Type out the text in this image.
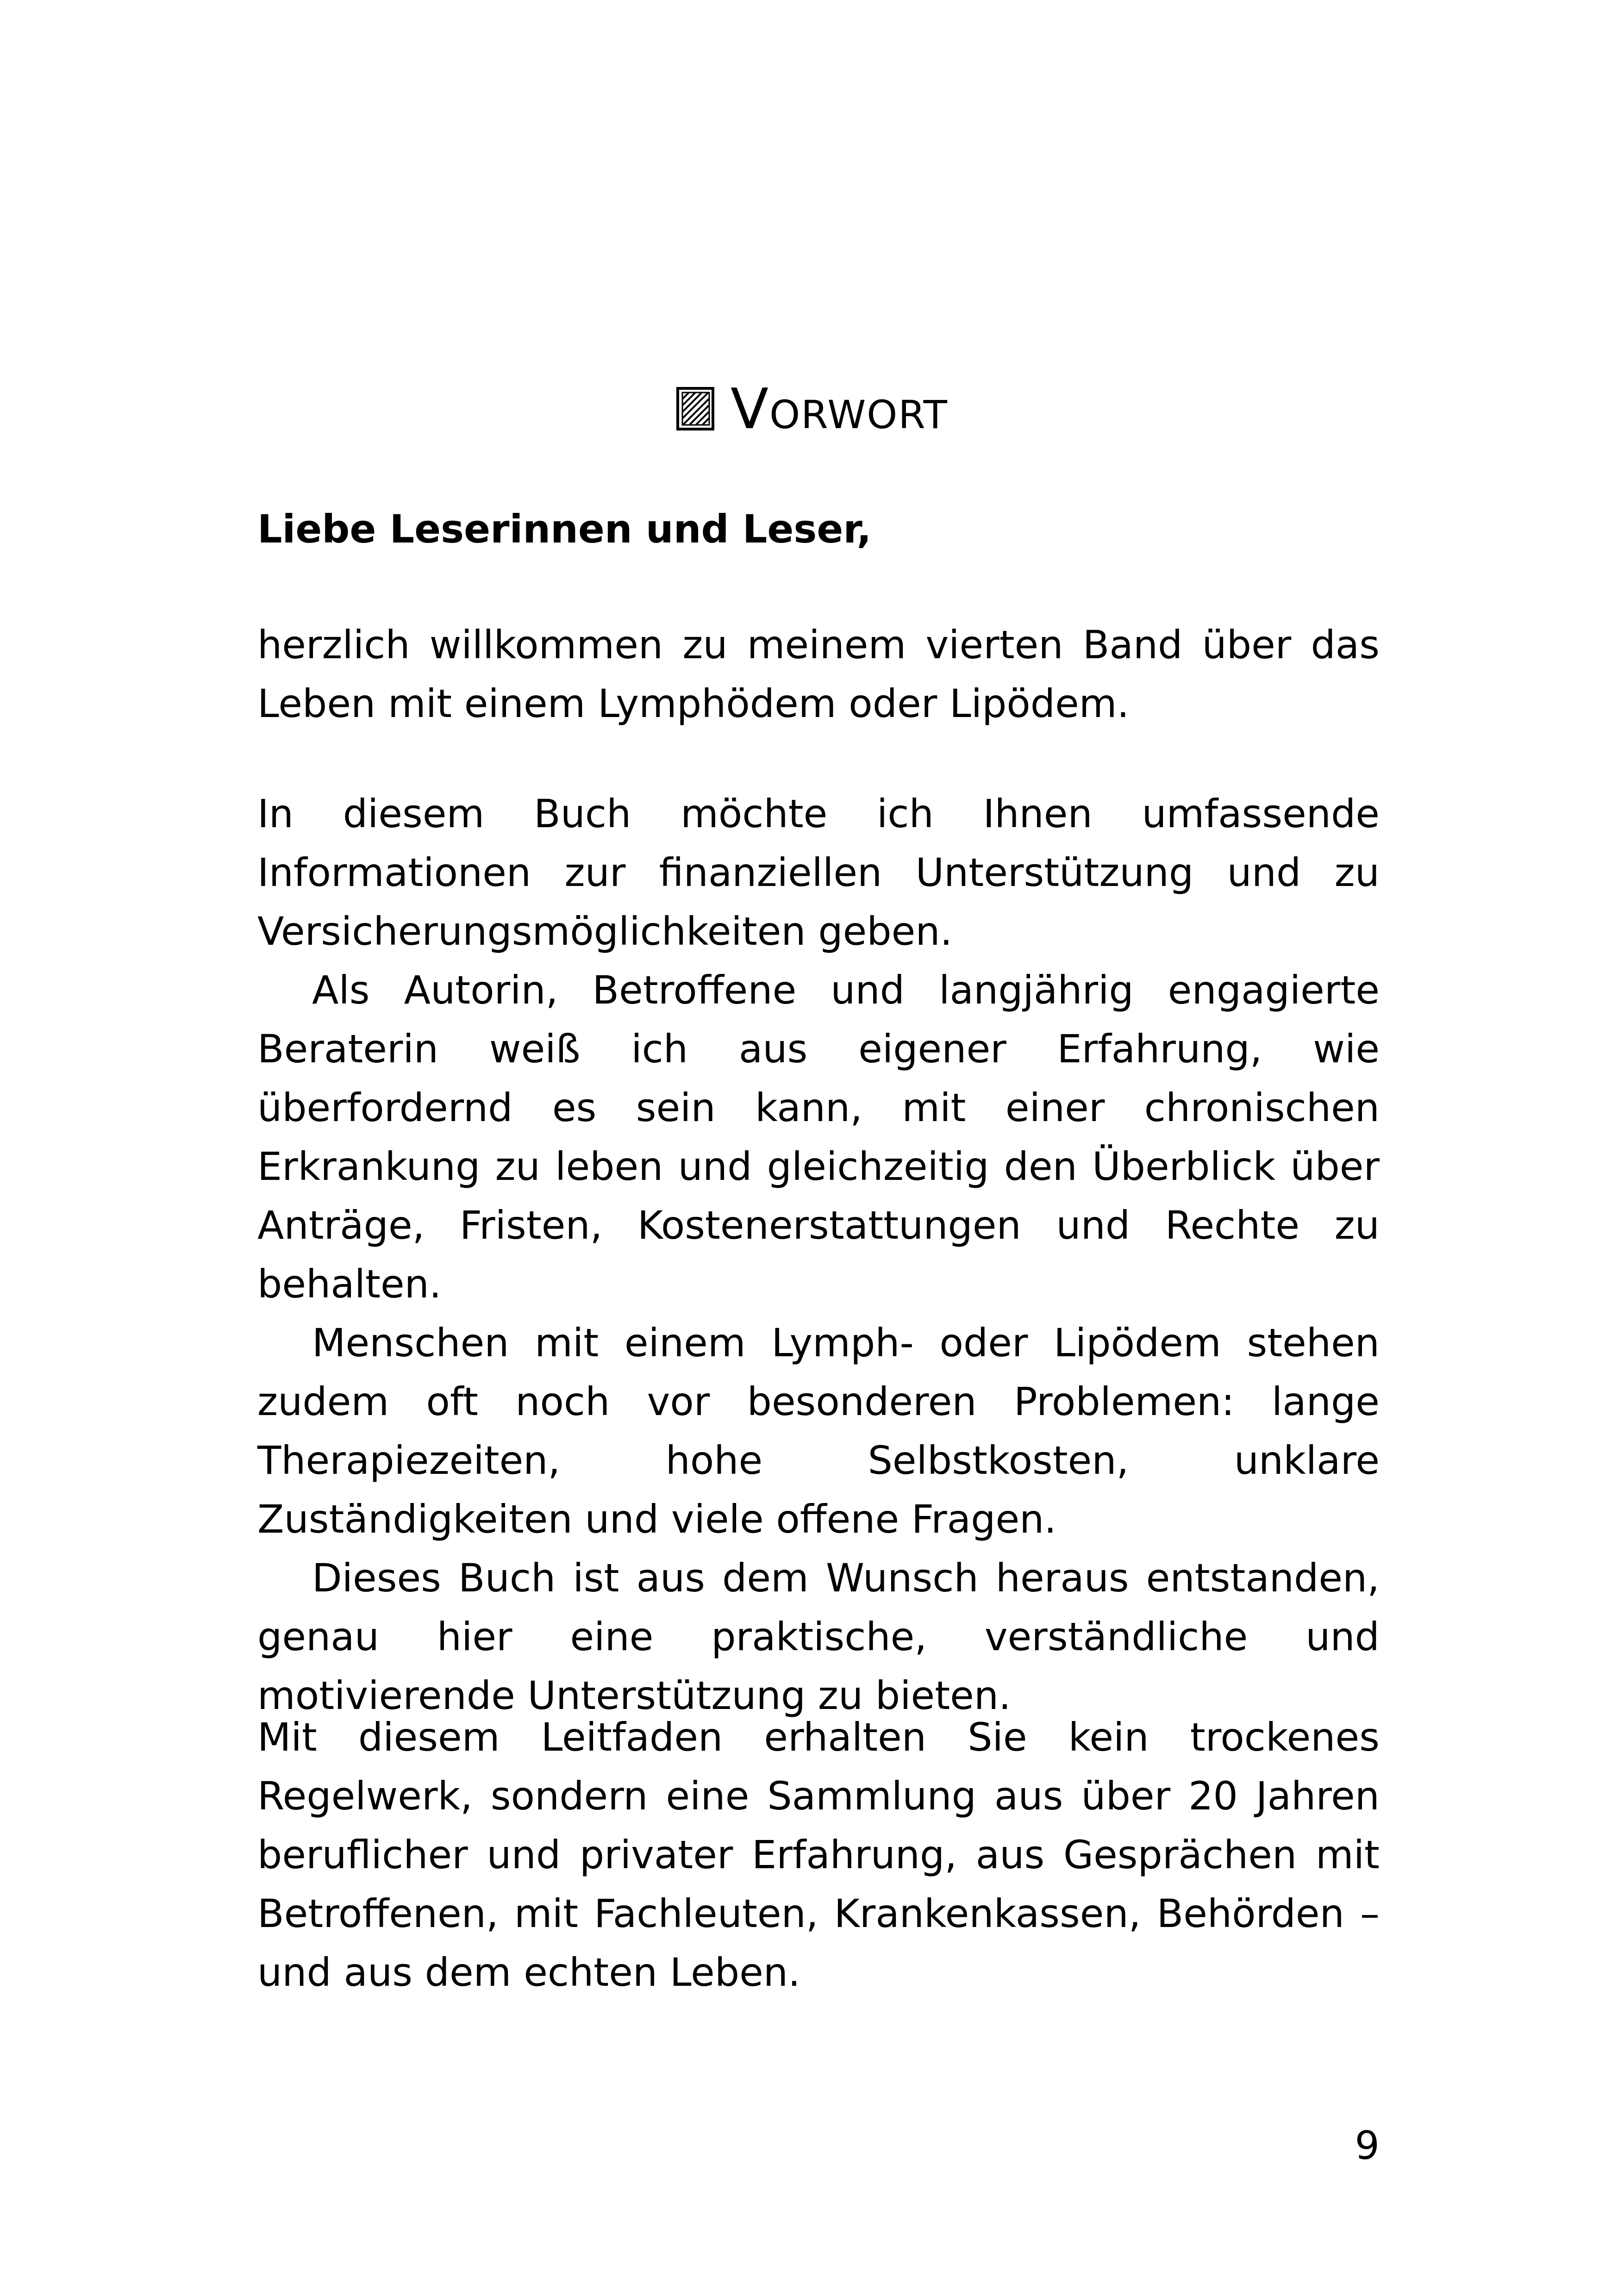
Vorwort
Liebe Leserinnen und Leser,

herzlich willkommen zu meinem vierten Band über das Leben mit einem Lymphödem oder Lipödem.

In diesem Buch möchte ich Ihnen umfassende Informationen zur finanziellen Unterstützung und zu Versicherungsmöglichkeiten geben.

Als Autorin, Betroffene und langjährig engagierte Beraterin weiß ich aus eigener Erfahrung, wie überfordernd es sein kann, mit einer chronischen Erkrankung zu leben und gleichzeitig den Überblick über Anträge, Fristen, Kostenerstattungen und Rechte zu behalten.

Menschen mit einem Lymph- oder Lipödem stehen zudem oft noch vor besonderen Problemen: lange Therapiezeiten, hohe Selbstkosten, unklare Zuständigkeiten und viele offene Fragen.

Dieses Buch ist aus dem Wunsch heraus entstanden, genau hier eine praktische, verständliche und motivierende Unterstützung zu bieten.

Mit diesem Leitfaden erhalten Sie kein trockenes Regelwerk, sondern eine Sammlung aus über 20 Jahren beruflicher und privater Erfahrung, aus Gesprächen mit Betroffenen, mit Fachleuten, Krankenkassen, Behörden – und aus dem echten Leben.

9
